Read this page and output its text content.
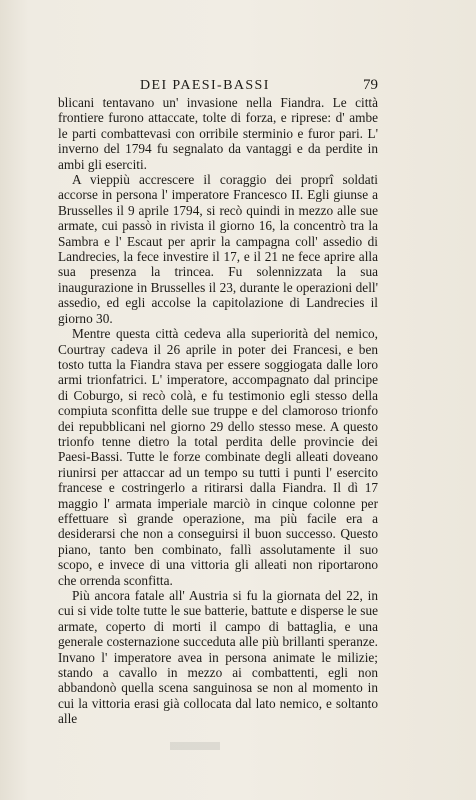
DEI PAESI-BASSI	79

blicani tentavano un' invasione nella Fiandra. Le città frontiere furono attaccate, tolte di forza, e riprese: d' ambe le parti combattevasi con orribile sterminio e furor pari. L' inverno del 1794 fu segnalato da vantaggi e da perdite in ambi gli eserciti.

A vieppiù accrescere il coraggio dei proprî soldati accorse in persona l' imperatore Francesco II. Egli giunse a Brusselles il 9 aprile 1794, si recò quindi in mezzo alle sue armate, cui passò in rivista il giorno 16, la concentrò tra la Sambra e l' Escaut per aprir la campagna coll' assedio di Landrecies, la fece investire il 17, e il 21 ne fece aprire alla sua presenza la trincea. Fu solennizzata la sua inaugurazione in Brusselles il 23, durante le operazioni dell' assedio, ed egli accolse la capitolazione di Landrecies il giorno 30.

Mentre questa città cedeva alla superiorità del nemico, Courtray cadeva il 26 aprile in poter dei Francesi, e ben tosto tutta la Fiandra stava per essere soggiogata dalle loro armi trionfatrici. L' imperatore, accompagnato dal principe di Coburgo, si recò colà, e fu testimonio egli stesso della compiuta sconfitta delle sue truppe e del clamoroso trionfo dei repubblicani nel giorno 29 dello stesso mese. A questo trionfo tenne dietro la total perdita delle provincie dei Paesi-Bassi. Tutte le forze combinate degli alleati doveano riunirsi per attaccar ad un tempo su tutti i punti l' esercito francese e costringerlo a ritirarsi dalla Fiandra. Il dì 17 maggio l' armata imperiale marciò in cinque colonne per effettuare sì grande operazione, ma più facile era a desiderarsi che non a conseguirsi il buon successo. Questo piano, tanto ben combinato, fallì assolutamente il suo scopo, e invece di una vittoria gli alleati non riportarono che orrenda sconfitta.

Più ancora fatale all' Austria si fu la giornata del 22, in cui si vide tolte tutte le sue batterie, battute e disperse le sue armate, coperto di morti il campo di battaglia, e una generale costernazione succeduta alle più brillanti speranze. Invano l' imperatore avea in persona animate le milizie; stando a cavallo in mezzo ai combattenti, egli non abbandonò quella scena sanguinosa se non al momento in cui la vittoria erasi già collocata dal lato nemico, e soltanto alle
